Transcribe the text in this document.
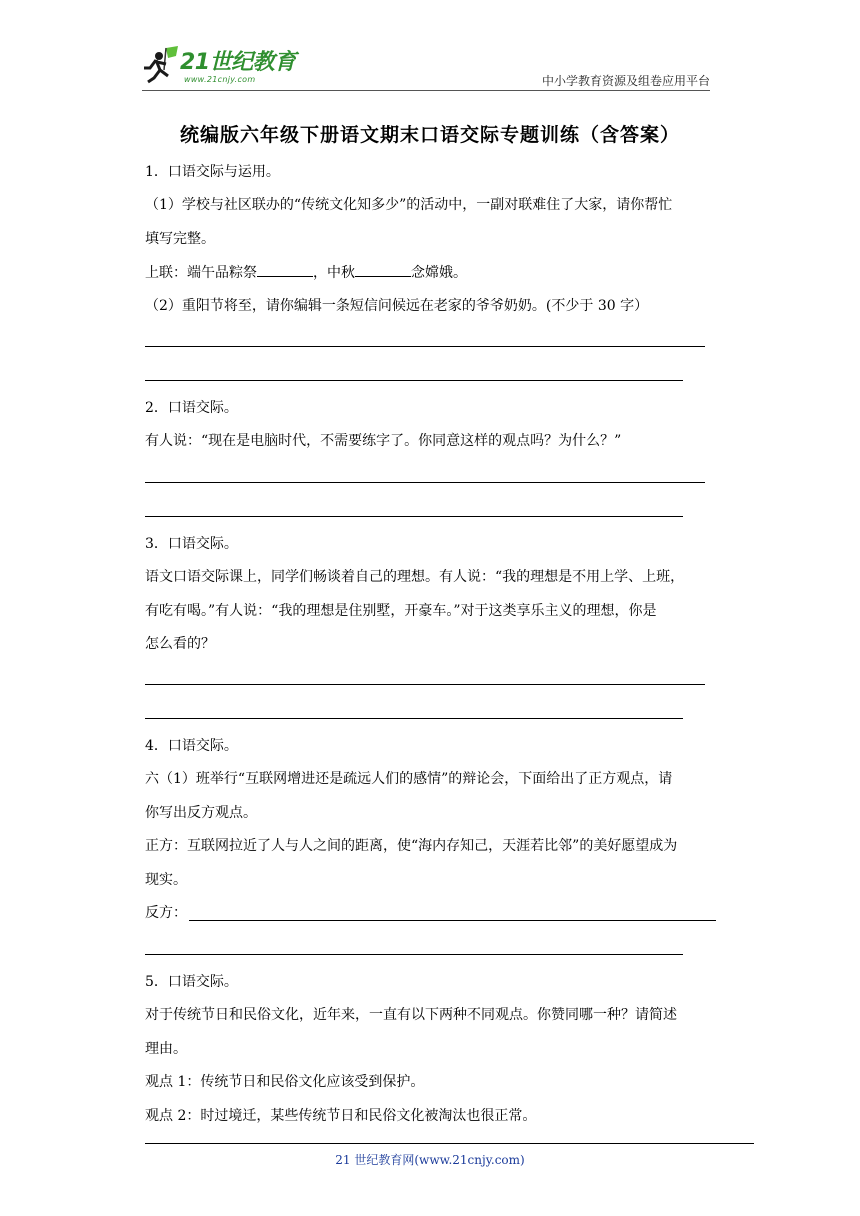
21世纪教育
www.21cnjy.com	中小学教育资源及组卷应用平台
统编版六年级下册语文期末口语交际专题训练（含答案）
1．口语交际与运用。
（1）学校与社区联办的“传统文化知多少”的活动中，一副对联难住了大家，请你帮忙
填写完整。
上联：端午品粽祭	，中秋	念嫦娥。
（2）重阳节将至，请你编辑一条短信问候远在老家的爷爷奶奶。(不少于 30 字）
2．口语交际。
有人说：“现在是电脑时代，不需要练字了。你同意这样的观点吗？为什么？”
3．口语交际。
语文口语交际课上，同学们畅谈着自己的理想。有人说：“我的理想是不用上学、上班，
有吃有喝。”有人说：“我的理想是住别墅，开豪车。”对于这类享乐主义的理想，你是
怎么看的？
4．口语交际。
六（1）班举行“互联网增进还是疏远人们的感情”的辩论会，下面给出了正方观点，请
你写出反方观点。
正方：互联网拉近了人与人之间的距离，使“海内存知己，天涯若比邻”的美好愿望成为
现实。
反方：
5．口语交际。
对于传统节日和民俗文化，近年来，一直有以下两种不同观点。你赞同哪一种？请简述
理由。
观点 1：传统节日和民俗文化应该受到保护。
观点 2：时过境迁，某些传统节日和民俗文化被淘汰也很正常。
21 世纪教育网(www.21cnjy.com)
